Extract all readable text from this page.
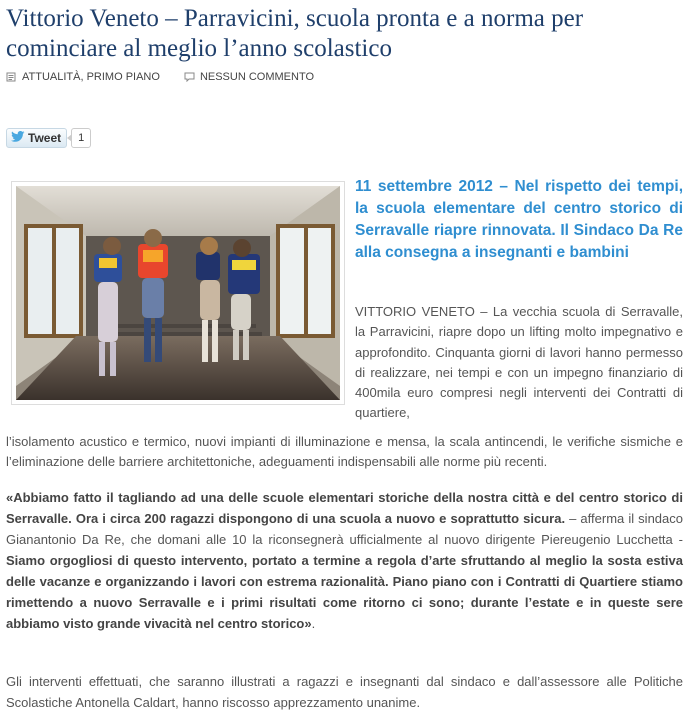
Vittorio Veneto – Parravicini, scuola pronta e a norma per cominciare al meglio l’anno scolastico
ATTUALITÀ, PRIMO PIANO	NESSUN COMMENTO
Tweet	1

11 settembre 2012 – Nel rispetto dei tempi, la scuola elementare del centro storico di Serravalle riapre rinnovata. Il Sindaco Da Re alla consegna a insegnanti e bambini

VITTORIO VENETO – La vecchia scuola di Serravalle, la Parravicini, riapre dopo un lifting molto impegnativo e approfondito. Cinquanta giorni di lavori hanno permesso di realizzare, nei tempi e con un impegno finanziario di 400mila euro compresi negli interventi dei Contratti di quartiere,

l’isolamento acustico e termico, nuovi impianti di illuminazione e mensa, la scala antincendi, le verifiche sismiche e l’eliminazione delle barriere architettoniche, adeguamenti indispensabili alle norme più recenti.

«Abbiamo fatto il tagliando ad una delle scuole elementari storiche della nostra città e del centro storico di Serravalle. Ora i circa 200 ragazzi dispongono di una scuola a nuovo e soprattutto sicura. – afferma il sindaco Gianantonio Da Re, che domani alle 10 la riconsegnerà ufficialmente al nuovo dirigente Piereugenio Lucchetta - Siamo orgogliosi di questo intervento, portato a termine a regola d’arte sfruttando al meglio la sosta estiva delle vacanze e organizzando i lavori con estrema razionalità. Piano piano con i Contratti di Quartiere stiamo rimettendo a nuovo Serravalle e i primi risultati come ritorno ci sono; durante l’estate e in queste sere abbiamo visto grande vivacità nel centro storico».

Gli interventi effettuati, che saranno illustrati a ragazzi e insegnanti dal sindaco e dall’assessore alle Politiche Scolastiche Antonella Caldart, hanno riscosso apprezzamento unanime.
